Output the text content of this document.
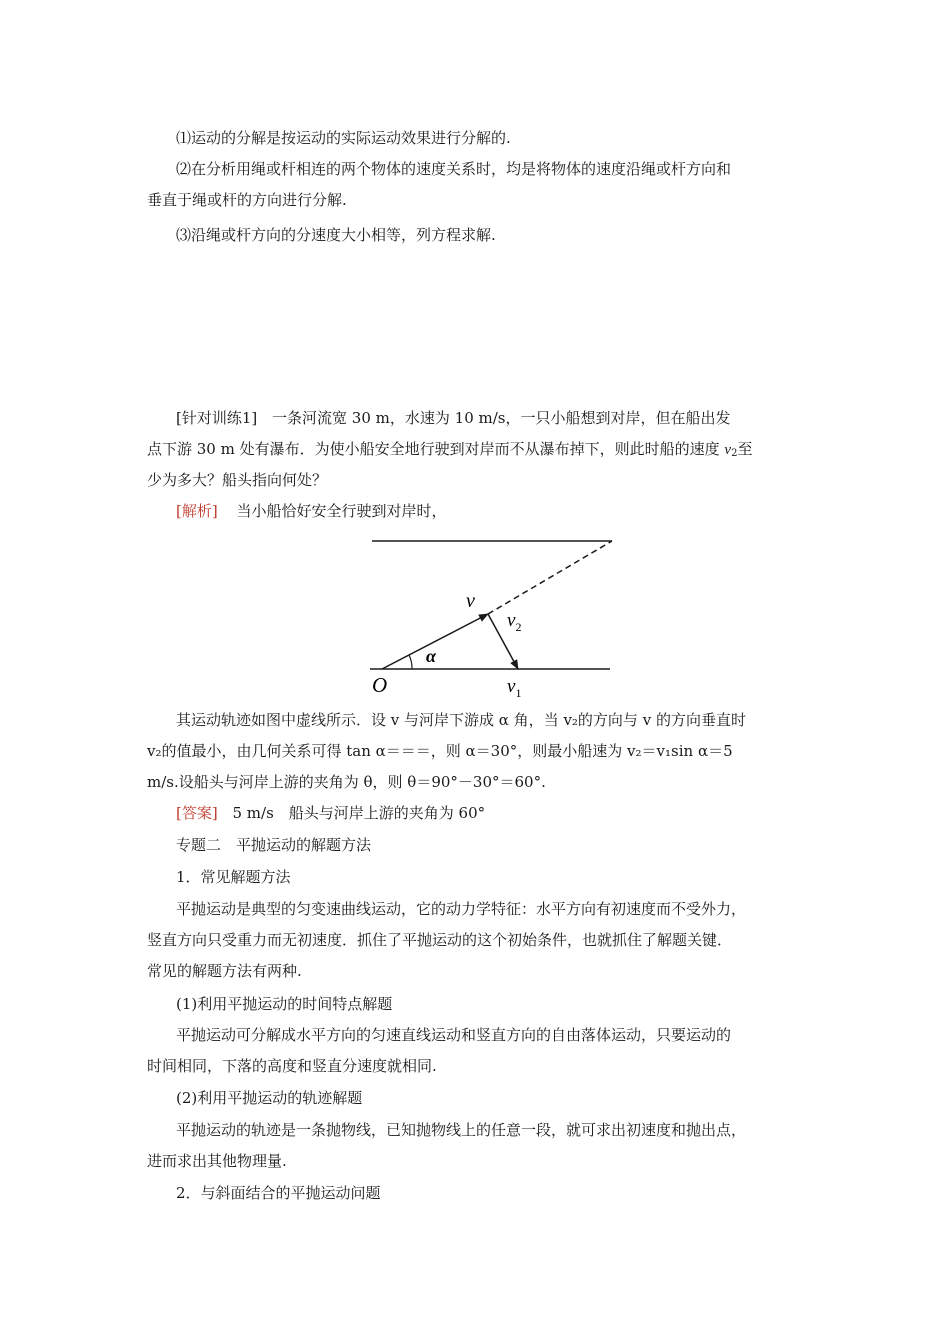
⑴运动的分解是按运动的实际运动效果进行分解的.
⑵在分析用绳或杆相连的两个物体的速度关系时，均是将物体的速度沿绳或杆方向和
垂直于绳或杆的方向进行分解.
⑶沿绳或杆方向的分速度大小相等，列方程求解.
[针对训练1] 一条河流宽 30 m，水速为 10 m/s，一只小船想到对岸，但在船出发
点下游 30 m 处有瀑布．为使小船安全地行驶到对岸而不从瀑布掉下，则此时船的速度 $v_2$至
少为多大？船头指向何处？
[解析] 当小船恰好安全行驶到对岸时，
v
$v_2$
α
O	$v_1$
其运动轨迹如图中虚线所示．设 v 与河岸下游成 α 角，当 v₂的方向与 v 的方向垂直时
v₂的值最小，由几何关系可得 tan α＝＝＝，则 α＝30°，则最小船速为 v₂＝v₁sin α＝5
m/s.设船头与河岸上游的夹角为 θ，则 θ＝90°－30°＝60°.
[答案] 5 m/s　船头与河岸上游的夹角为 60°
专题二　平抛运动的解题方法
1．常见解题方法
平抛运动是典型的匀变速曲线运动，它的动力学特征：水平方向有初速度而不受外力，
竖直方向只受重力而无初速度．抓住了平抛运动的这个初始条件，也就抓住了解题关键．
常见的解题方法有两种.
(1)利用平抛运动的时间特点解题
平抛运动可分解成水平方向的匀速直线运动和竖直方向的自由落体运动，只要运动的
时间相同，下落的高度和竖直分速度就相同.
(2)利用平抛运动的轨迹解题
平抛运动的轨迹是一条抛物线，已知抛物线上的任意一段，就可求出初速度和抛出点，
进而求出其他物理量.
2．与斜面结合的平抛运动问题
